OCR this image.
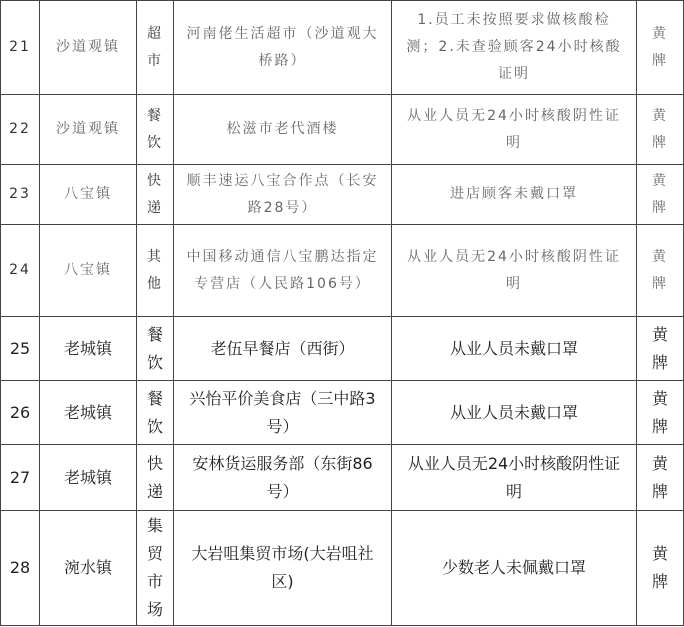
21	沙道观镇	超市	河南佬生活超市（沙道观大桥路）	1.员工未按照要求做核酸检测；2.未查验顾客24小时核酸证明	黄牌
22	沙道观镇	餐饮	松滋市老代酒楼	从业人员无24小时核酸阴性证明	黄牌
23	八宝镇	快递	顺丰速运八宝合作点（长安路28号）	进店顾客未戴口罩	黄牌
24	八宝镇	其他	中国移动通信八宝鹏达指定专营店（人民路106号）	从业人员无24小时核酸阴性证明	黄牌
25	老城镇	餐饮	老伍早餐店（西街）	从业人员未戴口罩	黄牌
26	老城镇	餐饮	兴怡平价美食店（三中路3号）	从业人员未戴口罩	黄牌
27	老城镇	快递	安林货运服务部（东街86号）	从业人员无24小时核酸阴性证明	黄牌
28	涴水镇	集贸市场	大岩咀集贸市场(大岩咀社区)	少数老人未佩戴口罩	黄牌
